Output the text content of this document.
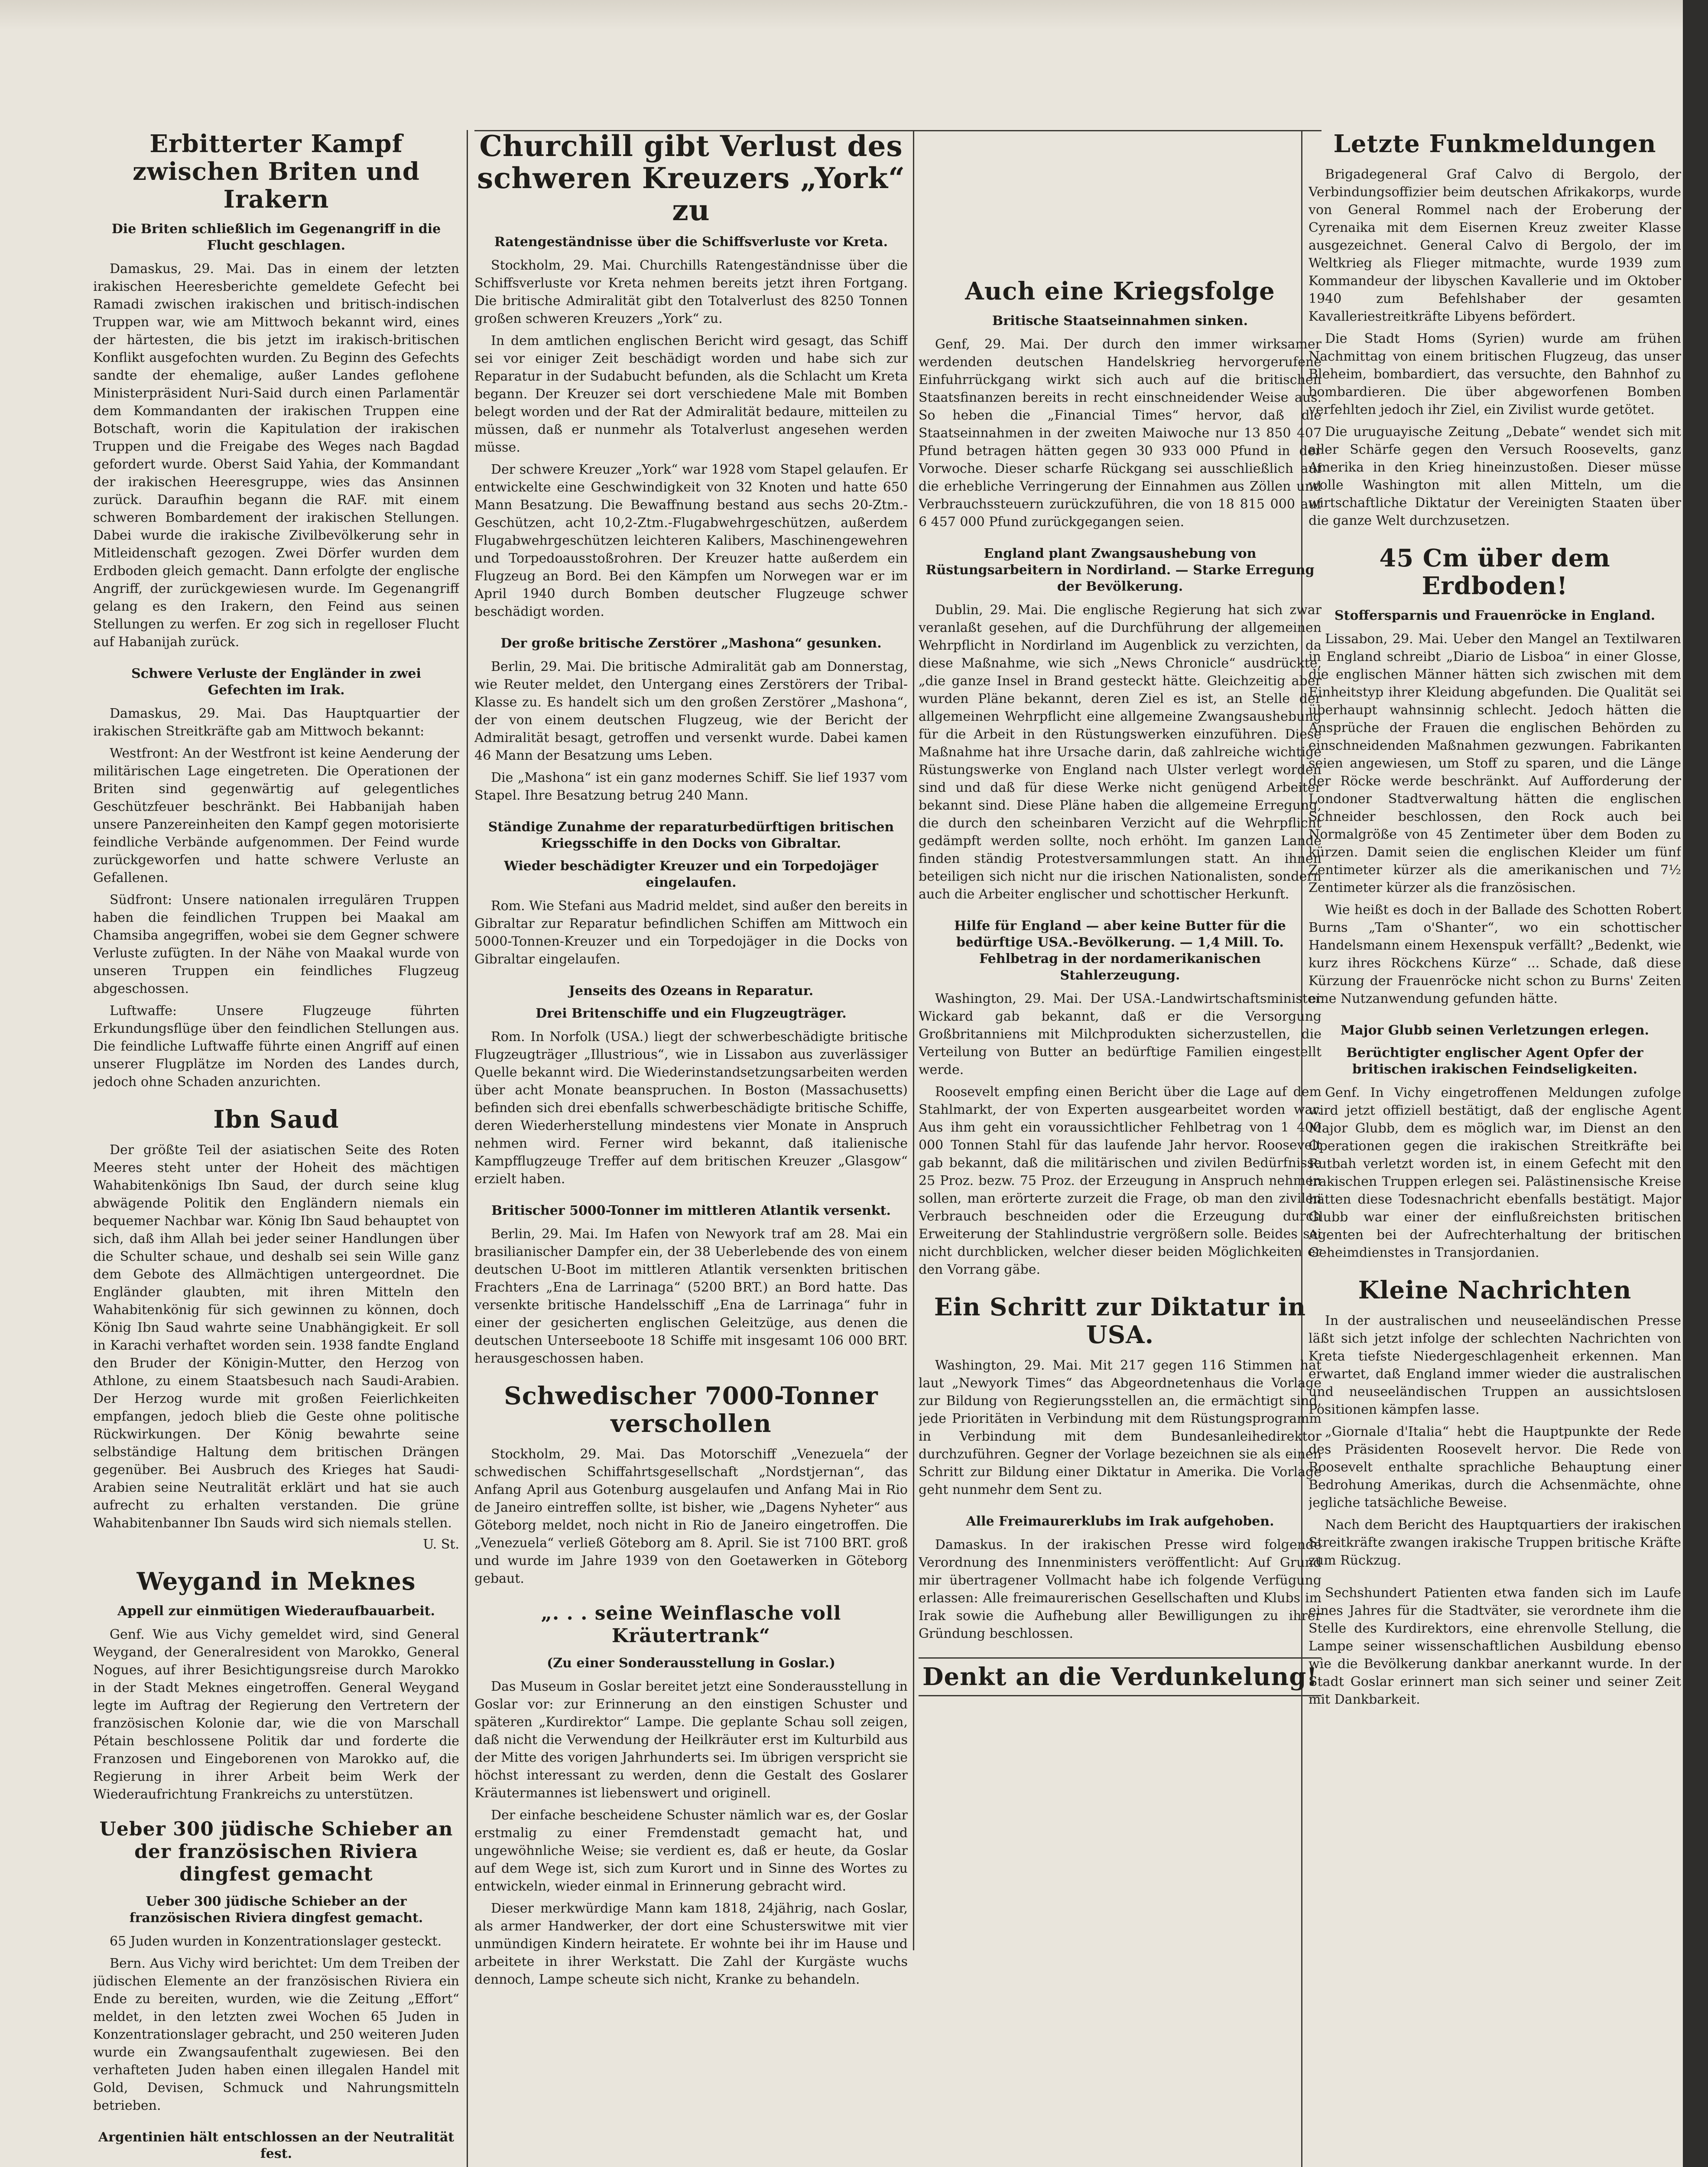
Erbitterter Kampf zwischen Briten und Irakern
Die Briten schließlich im Gegenangriff in die Flucht geschlagen.

Damaskus, 29. Mai. Das in einem der letzten irakischen Heeresberichte gemeldete Gefecht bei Ramadi zwischen irakischen und britisch-indischen Truppen war, wie am Mittwoch bekannt wird, eines der härtesten, die bis jetzt im irakisch-britischen Konflikt ausgefochten wurden. Zu Beginn des Gefechts sandte der ehemalige, außer Landes geflohene Ministerpräsident Nuri-Said durch einen Parlamentär dem Kommandanten der irakischen Truppen eine Botschaft, worin die Kapitulation der irakischen Truppen und die Freigabe des Weges nach Bagdad gefordert wurde. Oberst Said Yahia, der Kommandant der irakischen Heeresgruppe, wies das Ansinnen zurück. Daraufhin begann die RAF. mit einem schweren Bombardement der irakischen Stellungen. Dabei wurde die irakische Zivilbevölkerung sehr in Mitleidenschaft gezogen. Zwei Dörfer wurden dem Erdboden gleich gemacht. Dann erfolgte der englische Angriff, der zurückgewiesen wurde. Im Gegenangriff gelang es den Irakern, den Feind aus seinen Stellungen zu werfen. Er zog sich in regelloser Flucht auf Habanijah zurück.

Schwere Verluste der Engländer in zwei Gefechten im Irak.

Damaskus, 29. Mai. Das Hauptquartier der irakischen Streitkräfte gab am Mittwoch bekannt:

Westfront: An der Westfront ist keine Aenderung der militärischen Lage eingetreten. Die Operationen der Briten sind gegenwärtig auf gelegentliches Geschützfeuer beschränkt. Bei Habbanijah haben unsere Panzereinheiten den Kampf gegen motorisierte feindliche Verbände aufgenommen. Der Feind wurde zurückgeworfen und hatte schwere Verluste an Gefallenen.

Südfront: Unsere nationalen irregulären Truppen haben die feindlichen Truppen bei Maakal am Chamsiba angegriffen, wobei sie dem Gegner schwere Verluste zufügten. In der Nähe von Maakal wurde von unseren Truppen ein feindliches Flugzeug abgeschossen.

Luftwaffe: Unsere Flugzeuge führten Erkundungsflüge über den feindlichen Stellungen aus. Die feindliche Luftwaffe führte einen Angriff auf einen unserer Flugplätze im Norden des Landes durch, jedoch ohne Schaden anzurichten.

Ibn Saud

Der größte Teil der asiatischen Seite des Roten Meeres steht unter der Hoheit des mächtigen Wahabitenkönigs Ibn Saud, der durch seine klug abwägende Politik den Engländern niemals ein bequemer Nachbar war. König Ibn Saud behauptet von sich, daß ihm Allah bei jeder seiner Handlungen über die Schulter schaue, und deshalb sei sein Wille ganz dem Gebote des Allmächtigen untergeordnet. Die Engländer glaubten, mit ihren Mitteln den Wahabitenkönig für sich gewinnen zu können, doch König Ibn Saud wahrte seine Unabhängigkeit. Er soll in Karachi verhaftet worden sein. 1938 fandte England den Bruder der Königin-Mutter, den Herzog von Athlone, zu einem Staatsbesuch nach Saudi-Arabien. Der Herzog wurde mit großen Feierlichkeiten empfangen, jedoch blieb die Geste ohne politische Rückwirkungen. Der König bewahrte seine selbständige Haltung dem britischen Drängen gegenüber. Bei Ausbruch des Krieges hat Saudi-Arabien seine Neutralität erklärt und hat sie auch aufrecht zu erhalten verstanden. Die grüne Wahabitenbanner Ibn Sauds wird sich niemals stellen.

U. St.
Weygand in Meknes
Appell zur einmütigen Wiederaufbauarbeit.

Genf. Wie aus Vichy gemeldet wird, sind General Weygand, der Generalresident von Marokko, General Nogues, auf ihrer Besichtigungsreise durch Marokko in der Stadt Meknes eingetroffen. General Weygand legte im Auftrag der Regierung den Vertretern der französischen Kolonie dar, wie die von Marschall Pétain beschlossene Politik dar und forderte die Franzosen und Eingeborenen von Marokko auf, die Regierung in ihrer Arbeit beim Werk der Wiederaufrichtung Frankreichs zu unterstützen.

Ueber 300 jüdische Schieber an der französischen Riviera dingfest gemacht
Ueber 300 jüdische Schieber an der französischen Riviera dingfest gemacht.

65 Juden wurden in Konzentrationslager gesteckt.

Bern. Aus Vichy wird berichtet: Um dem Treiben der jüdischen Elemente an der französischen Riviera ein Ende zu bereiten, wurden, wie die Zeitung „Effort“ meldet, in den letzten zwei Wochen 65 Juden in Konzentrationslager gebracht, und 250 weiteren Juden wurde ein Zwangsaufenthalt zugewiesen. Bei den verhafteten Juden haben einen illegalen Handel mit Gold, Devisen, Schmuck und Nahrungsmitteln betrieben.

Argentinien hält entschlossen an der Neutralität fest.

Churchill gibt Verlust des schweren Kreuzers „York“ zu
Ratengeständnisse über die Schiffsverluste vor Kreta.

Stockholm, 29. Mai. Churchills Ratengeständnisse über die Schiffsverluste vor Kreta nehmen bereits jetzt ihren Fortgang. Die britische Admiralität gibt den Totalverlust des 8250 Tonnen großen schweren Kreuzers „York“ zu.

In dem amtlichen englischen Bericht wird gesagt, das Schiff sei vor einiger Zeit beschädigt worden und habe sich zur Reparatur in der Sudabucht befunden, als die Schlacht um Kreta begann. Der Kreuzer sei dort verschiedene Male mit Bomben belegt worden und der Rat der Admiralität bedaure, mitteilen zu müssen, daß er nunmehr als Totalverlust angesehen werden müsse.

Der schwere Kreuzer „York“ war 1928 vom Stapel gelaufen. Er entwickelte eine Geschwindigkeit von 32 Knoten und hatte 650 Mann Besatzung. Die Bewaffnung bestand aus sechs 20-Ztm.-Geschützen, acht 10,2-Ztm.-Flugabwehrgeschützen, außerdem Flugabwehrgeschützen leichteren Kalibers, Maschinengewehren und Torpedoausstoßrohren. Der Kreuzer hatte außerdem ein Flugzeug an Bord. Bei den Kämpfen um Norwegen war er im April 1940 durch Bomben deutscher Flugzeuge schwer beschädigt worden.

Der große britische Zerstörer „Mashona“ gesunken.

Berlin, 29. Mai. Die britische Admiralität gab am Donnerstag, wie Reuter meldet, den Untergang eines Zerstörers der Tribal-Klasse zu. Es handelt sich um den großen Zerstörer „Mashona“, der von einem deutschen Flugzeug, wie der Bericht der Admiralität besagt, getroffen und versenkt wurde. Dabei kamen 46 Mann der Besatzung ums Leben.

Die „Mashona“ ist ein ganz modernes Schiff. Sie lief 1937 vom Stapel. Ihre Besatzung betrug 240 Mann.

Ständige Zunahme der reparaturbedürftigen britischen Kriegsschiffe in den Docks von Gibraltar.
Wieder beschädigter Kreuzer und ein Torpedojäger eingelaufen.

Rom. Wie Stefani aus Madrid meldet, sind außer den bereits in Gibraltar zur Reparatur befindlichen Schiffen am Mittwoch ein 5000-Tonnen-Kreuzer und ein Torpedojäger in die Docks von Gibraltar eingelaufen.

Jenseits des Ozeans in Reparatur.
Drei Britenschiffe und ein Flugzeugträger.

Rom. In Norfolk (USA.) liegt der schwerbeschädigte britische Flugzeugträger „Illustrious“, wie in Lissabon aus zuverlässiger Quelle bekannt wird. Die Wiederinstandsetzungsarbeiten werden über acht Monate beanspruchen. In Boston (Massachusetts) befinden sich drei ebenfalls schwerbeschädigte britische Schiffe, deren Wiederherstellung mindestens vier Monate in Anspruch nehmen wird. Ferner wird bekannt, daß italienische Kampfflugzeuge Treffer auf dem britischen Kreuzer „Glasgow“ erzielt haben.

Britischer 5000-Tonner im mittleren Atlantik versenkt.

Berlin, 29. Mai. Im Hafen von Newyork traf am 28. Mai ein brasilianischer Dampfer ein, der 38 Ueberlebende des von einem deutschen U-Boot im mittleren Atlantik versenkten britischen Frachters „Ena de Larrinaga“ (5200 BRT.) an Bord hatte. Das versenkte britische Handelsschiff „Ena de Larrinaga“ fuhr in einer der gesicherten englischen Geleitzüge, aus denen die deutschen Unterseeboote 18 Schiffe mit insgesamt 106 000 BRT. herausgeschossen haben.

Schwedischer 7000-Tonner verschollen

Stockholm, 29. Mai. Das Motorschiff „Venezuela“ der schwedischen Schiffahrtsgesellschaft „Nordstjernan“, das Anfang April aus Gotenburg ausgelaufen und Anfang Mai in Rio de Janeiro eintreffen sollte, ist bisher, wie „Dagens Nyheter“ aus Göteborg meldet, noch nicht in Rio de Janeiro eingetroffen. Die „Venezuela“ verließ Göteborg am 8. April. Sie ist 7100 BRT. groß und wurde im Jahre 1939 von den Goetawerken in Göteborg gebaut.

„. . . seine Weinflasche voll Kräutertrank“
(Zu einer Sonderausstellung in Goslar.)

Das Museum in Goslar bereitet jetzt eine Sonderausstellung in Goslar vor: zur Erinnerung an den einstigen Schuster und späteren „Kurdirektor“ Lampe. Die geplante Schau soll zeigen, daß nicht die Verwendung der Heilkräuter erst im Kulturbild aus der Mitte des vorigen Jahrhunderts sei. Im übrigen verspricht sie höchst interessant zu werden, denn die Gestalt des Goslarer Kräutermannes ist liebenswert und originell.

Der einfache bescheidene Schuster nämlich war es, der Goslar erstmalig zu einer Fremdenstadt gemacht hat, und ungewöhnliche Weise; sie verdient es, daß er heute, da Goslar auf dem Wege ist, sich zum Kurort und in Sinne des Wortes zu entwickeln, wieder einmal in Erinnerung gebracht wird.

Dieser merkwürdige Mann kam 1818, 24jährig, nach Goslar, als armer Handwerker, der dort eine Schusterswitwe mit vier unmündigen Kindern heiratete. Er wohnte bei ihr im Hause und arbeitete in ihrer Werkstatt. Die Zahl der Kurgäste wuchs dennoch, Lampe scheute sich nicht, Kranke zu behandeln.

Auch eine Kriegsfolge
Britische Staatseinnahmen sinken.

Genf, 29. Mai. Der durch den immer wirksamer werdenden deutschen Handelskrieg hervorgerufene Einfuhrrückgang wirkt sich auch auf die britischen Staatsfinanzen bereits in recht einschneidender Weise aus. So heben die „Financial Times“ hervor, daß die Staatseinnahmen in der zweiten Maiwoche nur 13 850 407 Pfund betragen hätten gegen 30 933 000 Pfund in der Vorwoche. Dieser scharfe Rückgang sei ausschließlich auf die erhebliche Verringerung der Einnahmen aus Zöllen und Verbrauchssteuern zurückzuführen, die von 18 815 000 auf 6 457 000 Pfund zurückgegangen seien.

England plant Zwangsaushebung von Rüstungsarbeitern in Nordirland. — Starke Erregung der Bevölkerung.

Dublin, 29. Mai. Die englische Regierung hat sich zwar veranlaßt gesehen, auf die Durchführung der allgemeinen Wehrpflicht in Nordirland im Augenblick zu verzichten, da diese Maßnahme, wie sich „News Chronicle“ ausdrückte, „die ganze Insel in Brand gesteckt hätte. Gleichzeitig aber wurden Pläne bekannt, deren Ziel es ist, an Stelle der allgemeinen Wehrpflicht eine allgemeine Zwangsaushebung für die Arbeit in den Rüstungswerken einzuführen. Diese Maßnahme hat ihre Ursache darin, daß zahlreiche wichtige Rüstungswerke von England nach Ulster verlegt worden sind und daß für diese Werke nicht genügend Arbeiter bekannt sind. Diese Pläne haben die allgemeine Erregung, die durch den scheinbaren Verzicht auf die Wehrpflicht gedämpft werden sollte, noch erhöht. Im ganzen Lande finden ständig Protestversammlungen statt. An ihnen beteiligen sich nicht nur die irischen Nationalisten, sondern auch die Arbeiter englischer und schottischer Herkunft.

Hilfe für England — aber keine Butter für die bedürftige USA.-Bevölkerung. — 1,4 Mill. To. Fehlbetrag in der nordamerikanischen Stahlerzeugung.

Washington, 29. Mai. Der USA.-Landwirtschaftsminister Wickard gab bekannt, daß er die Versorgung Großbritanniens mit Milchprodukten sicherzustellen, die Verteilung von Butter an bedürftige Familien eingestellt werde.

Roosevelt empfing einen Bericht über die Lage auf dem Stahlmarkt, der von Experten ausgearbeitet worden war. Aus ihm geht ein voraussichtlicher Fehlbetrag von 1 400 000 Tonnen Stahl für das laufende Jahr hervor. Roosevelt gab bekannt, daß die militärischen und zivilen Bedürfnisse 25 Proz. bezw. 75 Proz. der Erzeugung in Anspruch nehmen sollen, man erörterte zurzeit die Frage, ob man den zivilen Verbrauch beschneiden oder die Erzeugung durch Erweiterung der Stahlindustrie vergrößern solle. Beides sei nicht durchblicken, welcher dieser beiden Möglichkeiten er den Vorrang gäbe.

Ein Schritt zur Diktatur in USA.

Washington, 29. Mai. Mit 217 gegen 116 Stimmen hat laut „Newyork Times“ das Abgeordnetenhaus die Vorlage zur Bildung von Regierungsstellen an, die ermächtigt sind, jede Prioritäten in Verbindung mit dem Rüstungsprogramm in Verbindung mit dem Bundesanleihedirektor durchzuführen. Gegner der Vorlage bezeichnen sie als einen Schritt zur Bildung einer Diktatur in Amerika. Die Vorlage geht nunmehr dem Sent zu.

Alle Freimaurerklubs im Irak aufgehoben.

Damaskus. In der irakischen Presse wird folgende Verordnung des Innenministers veröffentlicht: Auf Grund mir übertragener Vollmacht habe ich folgende Verfügung erlassen: Alle freimaurerischen Gesellschaften und Klubs im Irak sowie die Aufhebung aller Bewilligungen zu ihrer Gründung beschlossen.

Denkt an die Verdunkelung!
Letzte Funkmeldungen

Brigadegeneral Graf Calvo di Bergolo, der Verbindungsoffizier beim deutschen Afrikakorps, wurde von General Rommel nach der Eroberung der Cyrenaika mit dem Eisernen Kreuz zweiter Klasse ausgezeichnet. General Calvo di Bergolo, der im Weltkrieg als Flieger mitmachte, wurde 1939 zum Kommandeur der libyschen Kavallerie und im Oktober 1940 zum Befehlshaber der gesamten Kavalleriestreitkräfte Libyens befördert.

Die Stadt Homs (Syrien) wurde am frühen Nachmittag von einem britischen Flugzeug, das unser Bleheim, bombardiert, das versuchte, den Bahnhof zu bombardieren. Die über abgeworfenen Bomben verfehlten jedoch ihr Ziel, ein Zivilist wurde getötet.

Die uruguayische Zeitung „Debate“ wendet sich mit aller Schärfe gegen den Versuch Roosevelts, ganz Amerika in den Krieg hineinzustoßen. Dieser müsse wolle Washington mit allen Mitteln, um die wirtschaftliche Diktatur der Vereinigten Staaten über die ganze Welt durchzusetzen.

45 Cm über dem Erdboden!
Stoffersparnis und Frauenröcke in England.

Lissabon, 29. Mai. Ueber den Mangel an Textilwaren in England schreibt „Diario de Lisboa“ in einer Glosse, die englischen Männer hätten sich zwischen mit dem Einheitstyp ihrer Kleidung abgefunden. Die Qualität sei überhaupt wahnsinnig schlecht. Jedoch hätten die Ansprüche der Frauen die englischen Behörden zu einschneidenden Maßnahmen gezwungen. Fabrikanten seien angewiesen, um Stoff zu sparen, und die Länge der Röcke werde beschränkt. Auf Aufforderung der Londoner Stadtverwaltung hätten die englischen Schneider beschlossen, den Rock auch bei Normalgröße von 45 Zentimeter über dem Boden zu kürzen. Damit seien die englischen Kleider um fünf Zentimeter kürzer als die amerikanischen und 7½ Zentimeter kürzer als die französischen.

Wie heißt es doch in der Ballade des Schotten Robert Burns „Tam o'Shanter“, wo ein schottischer Handelsmann einem Hexenspuk verfällt? „Bedenkt, wie kurz ihres Röckchens Kürze“ ... Schade, daß diese Kürzung der Frauenröcke nicht schon zu Burns' Zeiten eine Nutzanwendung gefunden hätte.

Major Glubb seinen Verletzungen erlegen.
Berüchtigter englischer Agent Opfer der britischen irakischen Feindseligkeiten.

Genf. In Vichy eingetroffenen Meldungen zufolge wird jetzt offiziell bestätigt, daß der englische Agent Major Glubb, dem es möglich war, im Dienst an den Operationen gegen die irakischen Streitkräfte bei Rutbah verletzt worden ist, in einem Gefecht mit den irakischen Truppen erlegen sei. Palästinensische Kreise hätten diese Todesnachricht ebenfalls bestätigt. Major Glubb war einer der einflußreichsten britischen Agenten bei der Aufrechterhaltung der britischen Geheimdienstes in Transjordanien.

Kleine Nachrichten

In der australischen und neuseeländischen Presse läßt sich jetzt infolge der schlechten Nachrichten von Kreta tiefste Niedergeschlagenheit erkennen. Man erwartet, daß England immer wieder die australischen und neuseeländischen Truppen an aussichtslosen Positionen kämpfen lasse.

„Giornale d'Italia“ hebt die Hauptpunkte der Rede des Präsidenten Roosevelt hervor. Die Rede von Roosevelt enthalte sprachliche Behauptung einer Bedrohung Amerikas, durch die Achsenmächte, ohne jegliche tatsächliche Beweise.

Nach dem Bericht des Hauptquartiers der irakischen Streitkräfte zwangen irakische Truppen britische Kräfte zum Rückzug.

Sechshundert Patienten etwa fanden sich im Laufe eines Jahres für die Stadtväter, sie verordnete ihm die Stelle des Kurdirektors, eine ehrenvolle Stellung, die Lampe seiner wissenschaftlichen Ausbildung ebenso wie die Bevölkerung dankbar anerkannt wurde. In der Stadt Goslar erinnert man sich seiner und seiner Zeit mit Dankbarkeit.
